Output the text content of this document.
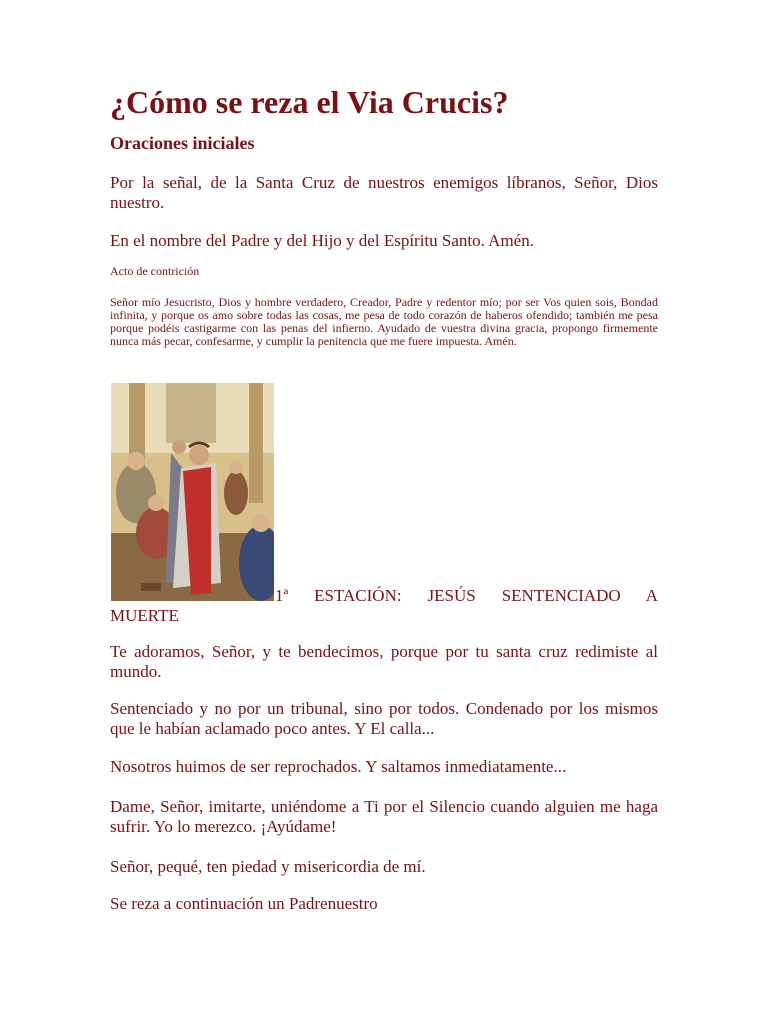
¿Cómo se reza el Via Crucis?
Oraciones iniciales

Por la señal, de la Santa Cruz de nuestros enemigos líbranos, Señor, Dios nuestro.

En el nombre del Padre y del Hijo y del Espíritu Santo. Amén.

Acto de contrición

Señor mío Jesucristo, Dios y hombre verdadero, Creador, Padre y redentor mío; por ser Vos quien sois, Bondad infinita, y porque os amo sobre todas las cosas, me pesa de todo corazón de haberos ofendido; también me pesa porque podéis castigarme con las penas del infierno. Ayudado de vuestra divina gracia, propongo firmemente nunca más pecar, confesarme, y cumplir la penitencia que me fuere impuesta. Amén.

1ª ESTACIÓN: JESÚS SENTENCIADO A
MUERTE

Te adoramos, Señor, y te bendecimos, porque por tu santa cruz redimiste al mundo.

Sentenciado y no por un tribunal, sino por todos. Condenado por los mismos que le habían aclamado poco antes. Y El calla...

Nosotros huimos de ser reprochados. Y saltamos inmediatamente...

Dame, Señor, imitarte, uniéndome a Ti por el Silencio cuando alguien me haga sufrir. Yo lo merezco. ¡Ayúdame!

Señor, pequé, ten piedad y misericordia de mí.

Se reza a continuación un Padrenuestro
